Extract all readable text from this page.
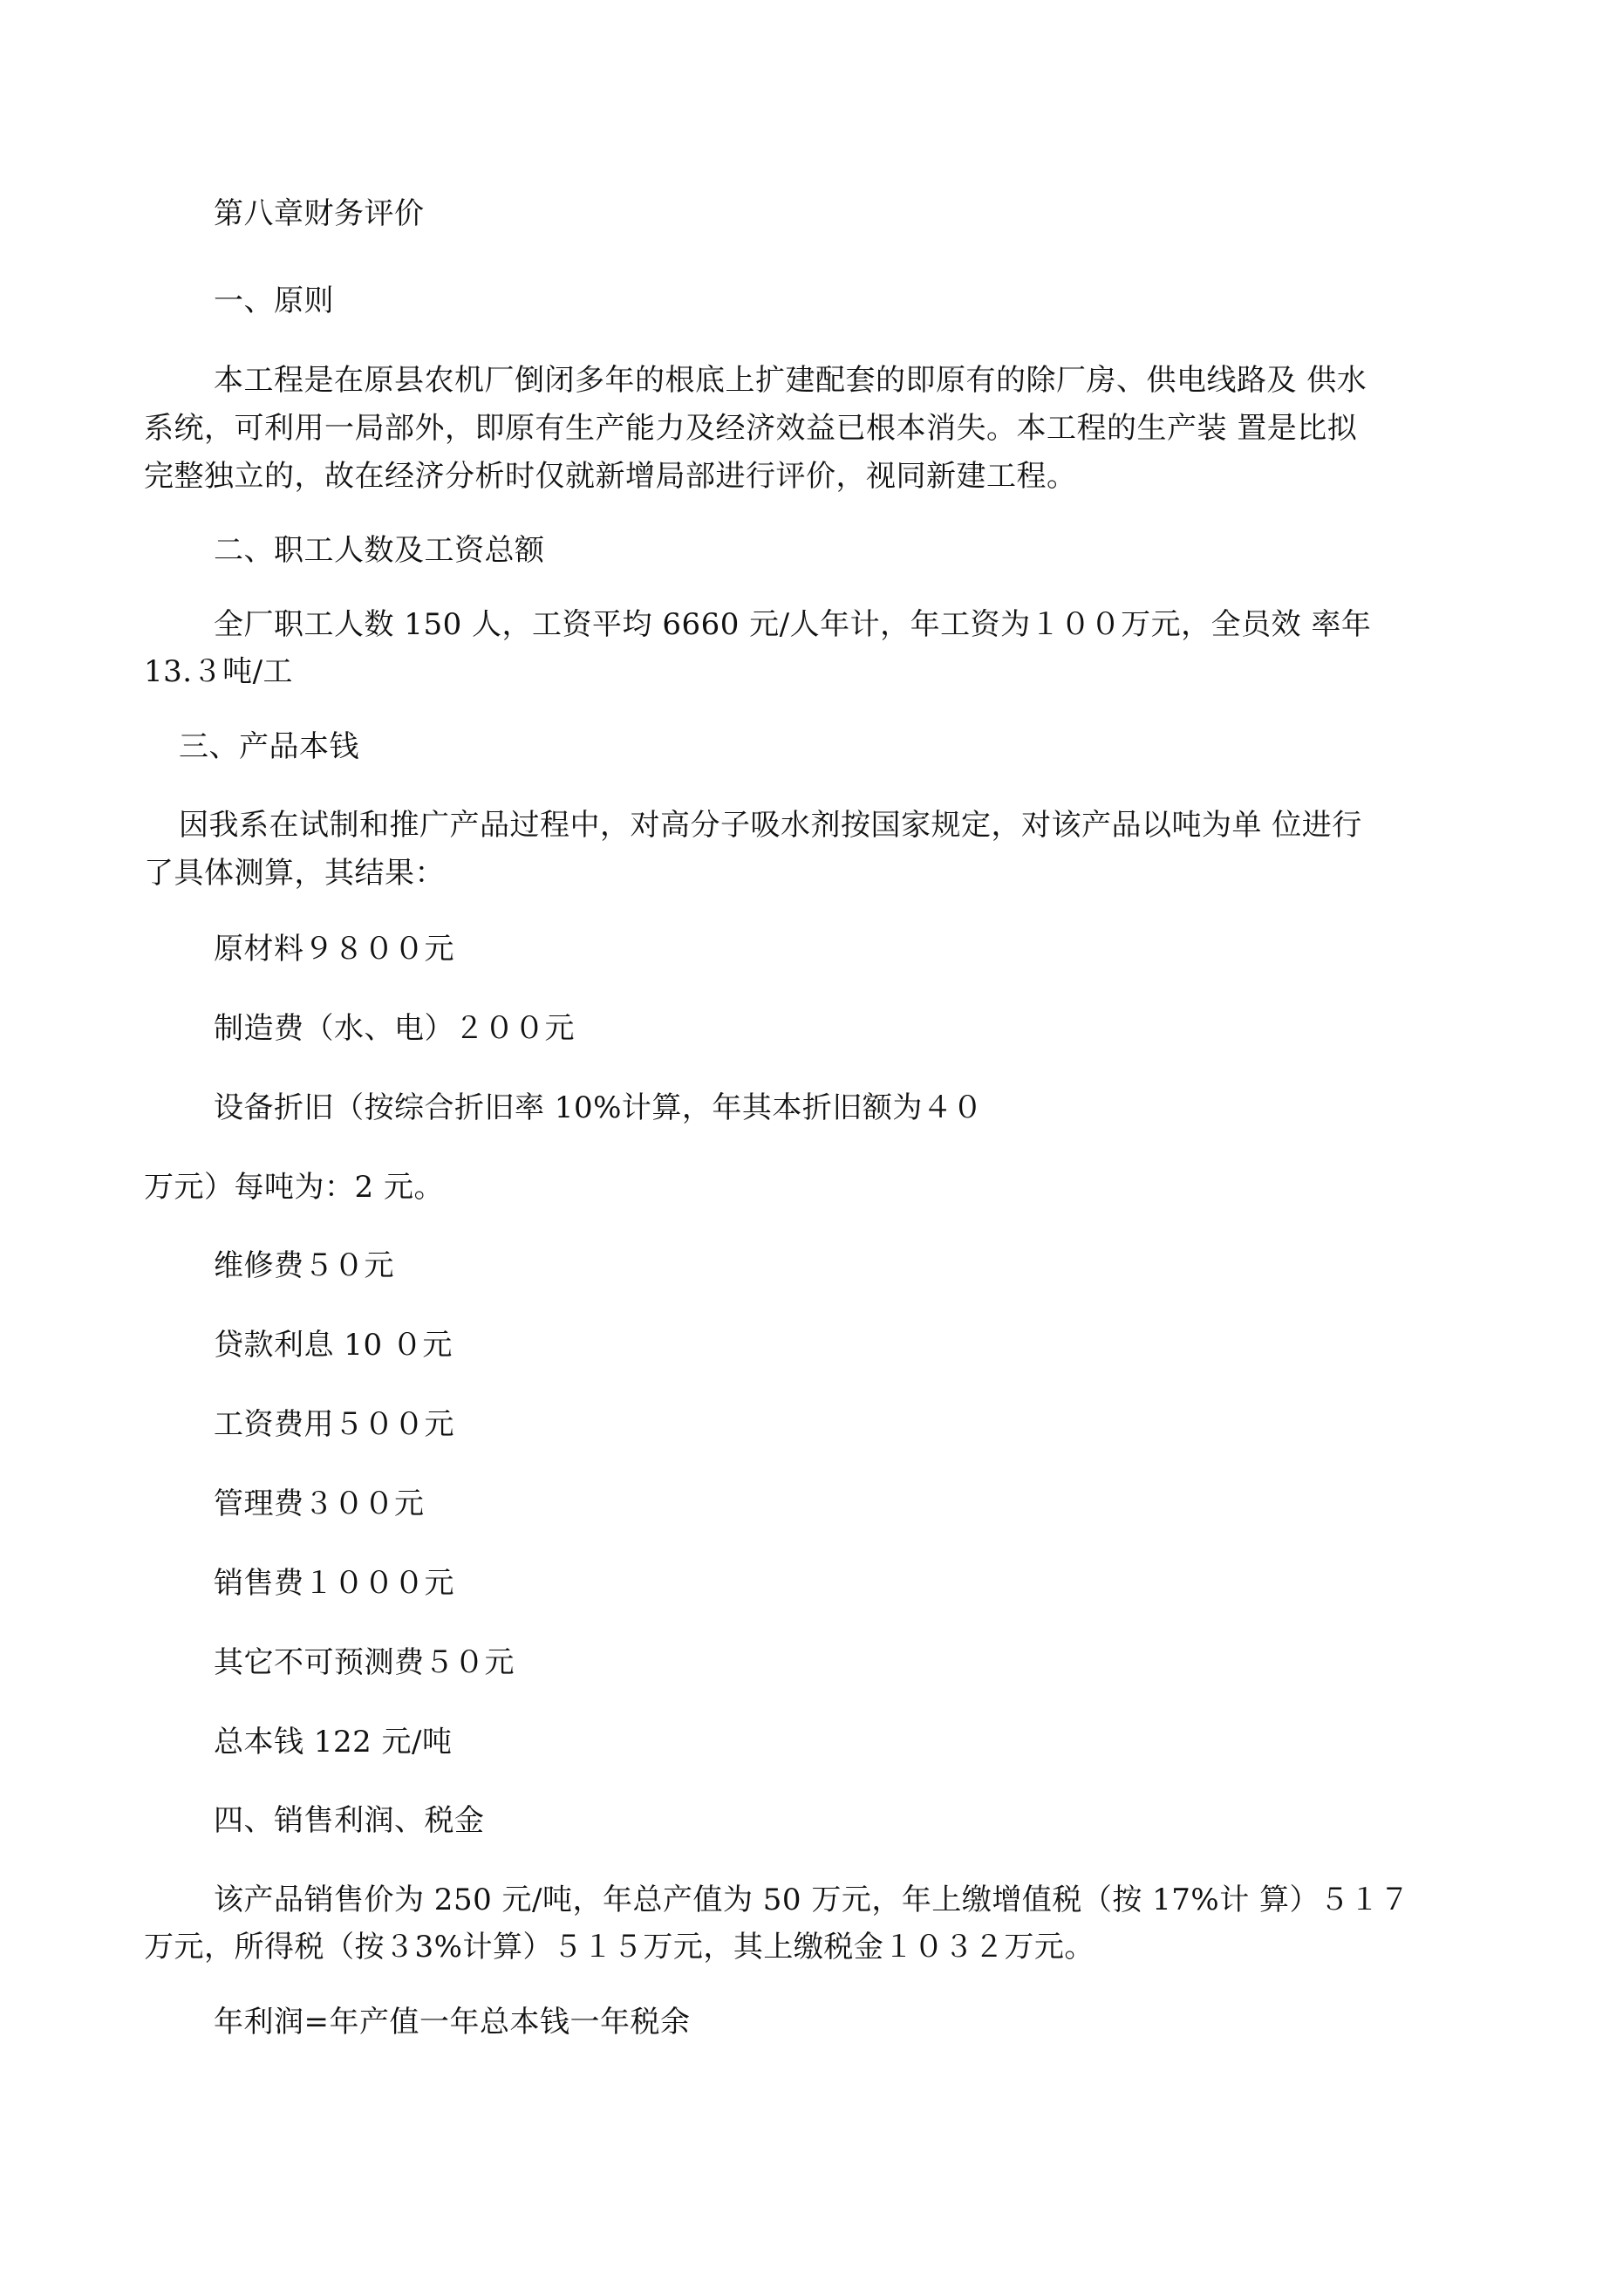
第八章财务评价
一、原则
本工程是在原县农机厂倒闭多年的根底上扩建配套的即原有的除厂房、供电线路及 供水
系统，可利用一局部外，即原有生产能力及经济效益已根本消失。本工程的生产装 置是比拟
完整独立的，故在经济分析时仅就新增局部进行评价，视同新建工程。
二、职工人数及工资总额
全厂职工人数 150 人，工资平均 6660 元/人年计，年工资为１００万元，全员效 率年
13.３吨/工
三、产品本钱
因我系在试制和推广产品过程中，对高分子吸水剂按国家规定，对该产品以吨为单 位进行
了具体测算，其结果：
原材料９８００元
制造费（水、电）２００元
设备折旧（按综合折旧率 10%计算，年其本折旧额为４０
万元）每吨为：2 元。
维修费５０元
贷款利息 10 ０元
工资费用５００元
管理费３００元
销售费１０００元
其它不可预测费５０元
总本钱 122 元/吨
四、销售利润、税金
该产品销售价为 250 元/吨，年总产值为 50 万元，年上缴增值税（按 17%计 算）５１７
万元，所得税（按３3%计算）５１５万元，其上缴税金１０３２万元。
年利润=年产值一年总本钱一年税余
